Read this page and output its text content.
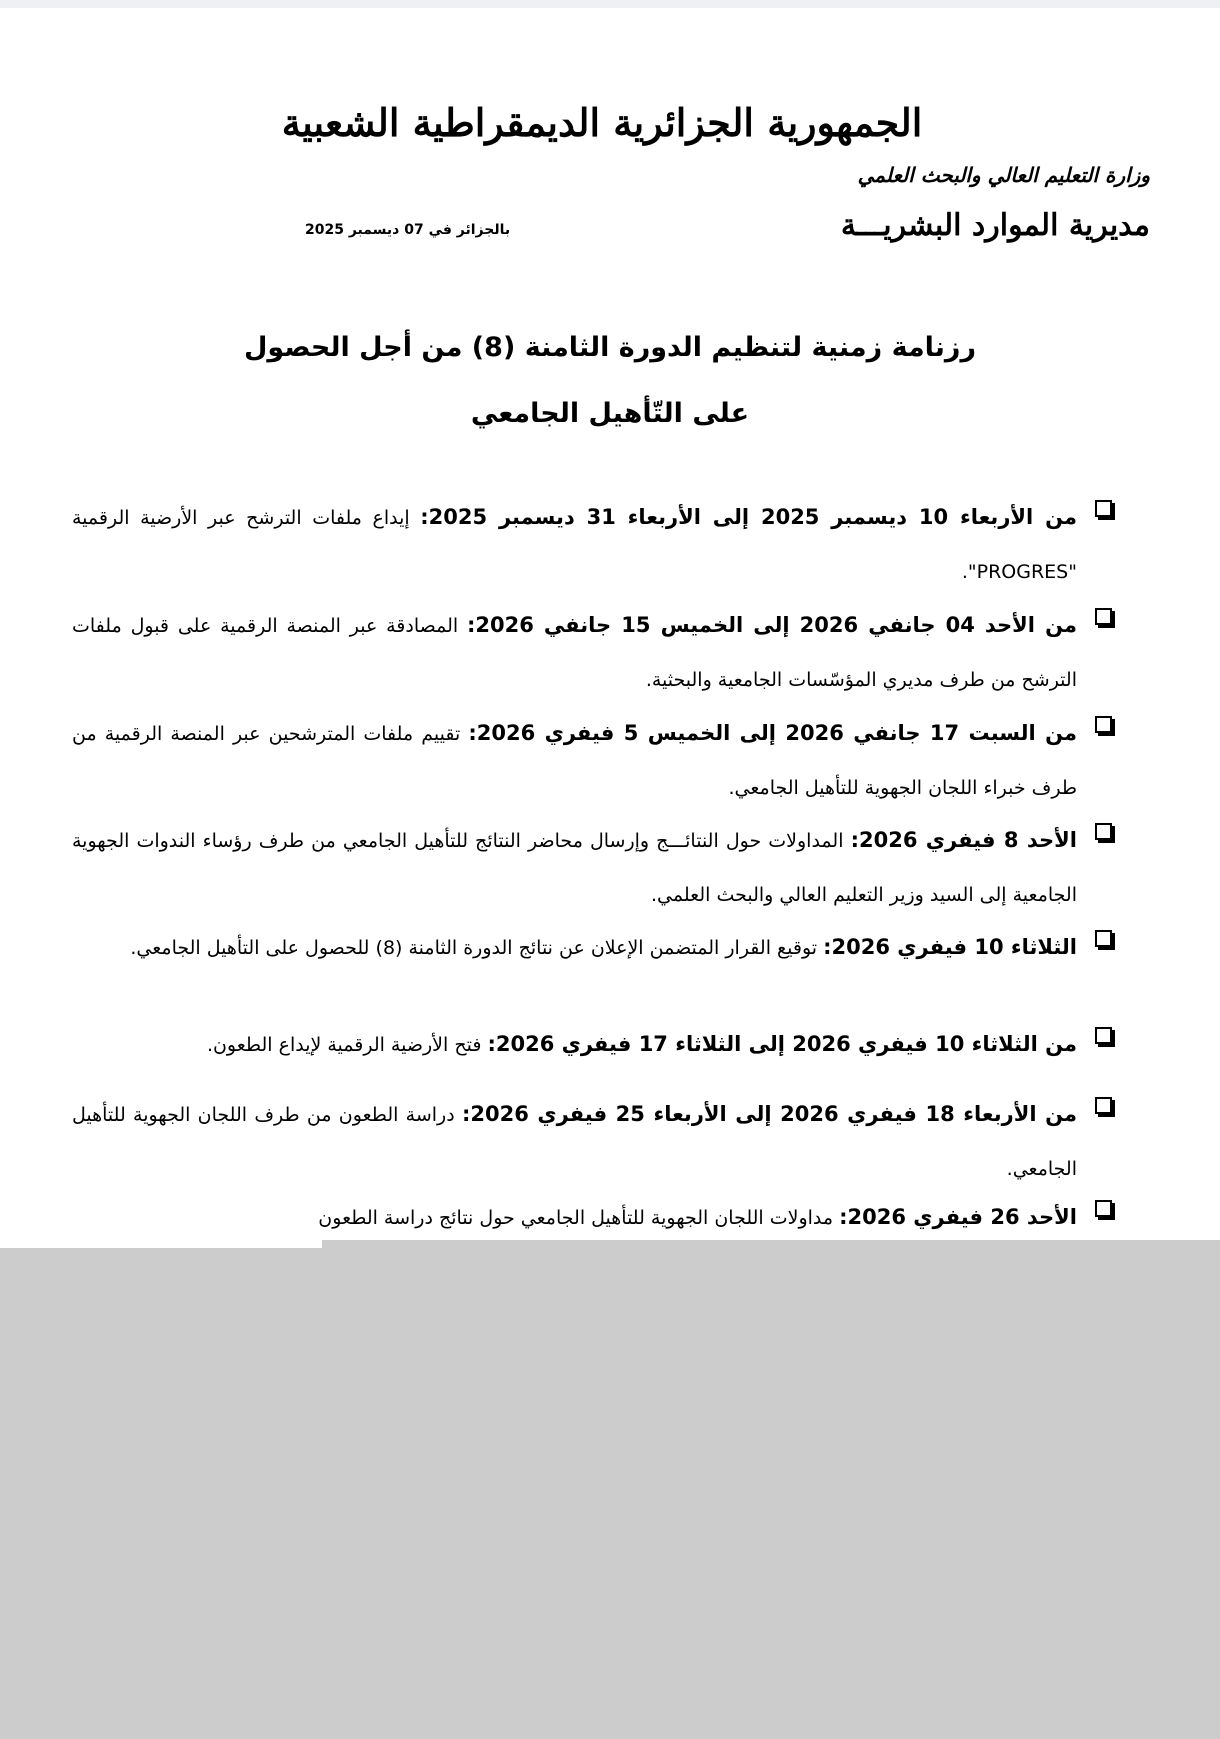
الجمهورية الجزائرية الديمقراطية الشعبية
وزارة التعليم العالي والبحث العلمي
مديرية الموارد البشريـــة
بالجزائر في 07 ديسمبر 2025
رزنامة زمنية لتنظيم الدورة الثامنة (8) من أجل الحصول
على التّأهيل الجامعي
من الأربعاء 10 ديسمبر 2025 إلى الأربعاء 31 ديسمبر 2025: إيداع ملفات الترشح عبر الأرضية الرقمية "PROGRES".
من الأحد 04 جانفي 2026 إلى الخميس 15 جانفي 2026: المصادقة عبر المنصة الرقمية على قبول ملفات الترشح من طرف مديري المؤسّسات الجامعية والبحثية.
من السبت 17 جانفي 2026 إلى الخميس 5 فيفري 2026: تقييم ملفات المترشحين عبر المنصة الرقمية من طرف خبراء اللجان الجهوية للتأهيل الجامعي.
الأحد 8 فيفري 2026: المداولات حول النتائـــج وإرسال محاضر النتائج للتأهيل الجامعي من طرف رؤساء الندوات الجهوية الجامعية إلى السيد وزير التعليم العالي والبحث العلمي.
الثلاثاء 10 فيفري 2026: توقيع القرار المتضمن الإعلان عن نتائج الدورة الثامنة (8) للحصول على التأهيل الجامعي.
من الثلاثاء 10 فيفري 2026 إلى الثلاثاء 17 فيفري 2026: فتح الأرضية الرقمية لإيداع الطعون.
من الأربعاء 18 فيفري 2026 إلى الأربعاء 25 فيفري 2026: دراسة الطعون من طرف اللجان الجهوية للتأهيل الجامعي.
الأحد 26 فيفري 2026: مداولات اللجان الجهوية للتأهيل الجامعي حول نتائج دراسة الطعون
